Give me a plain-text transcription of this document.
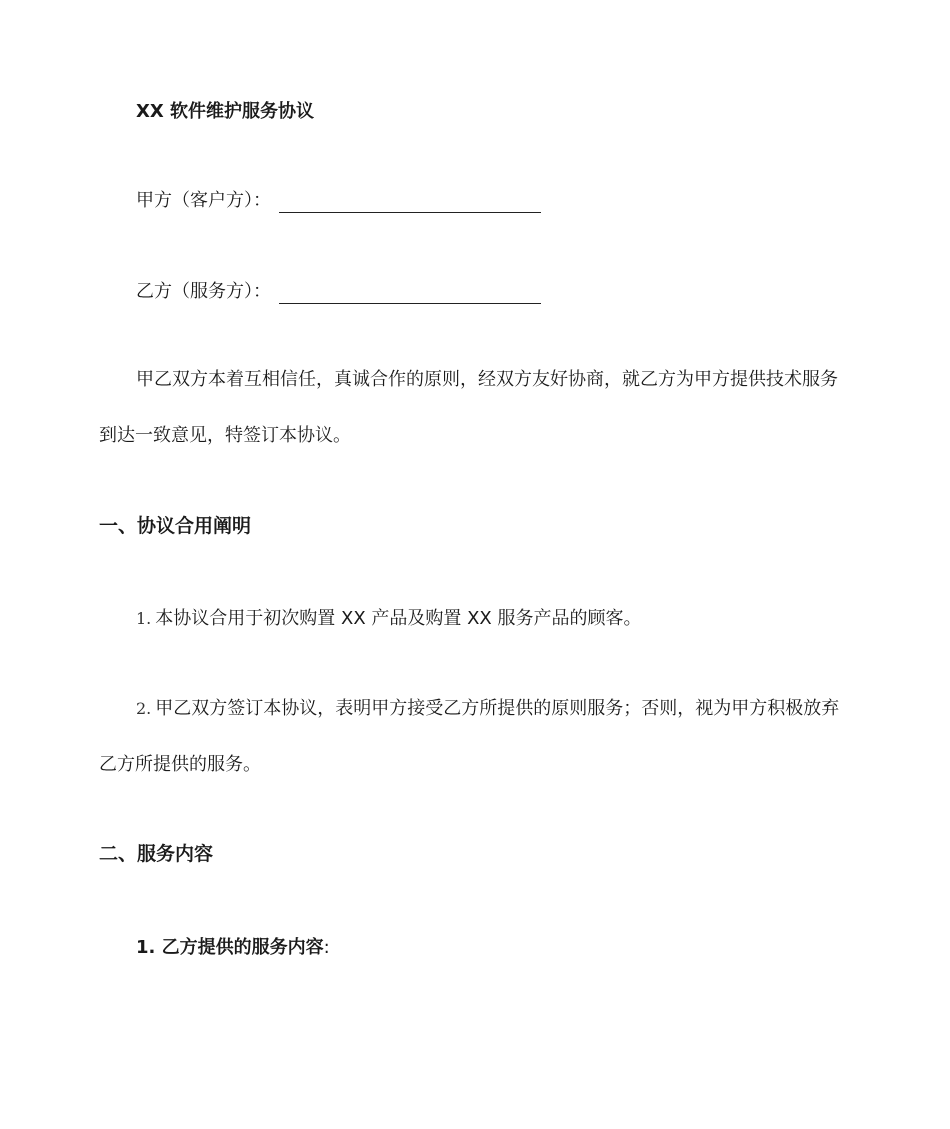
XX 软件维护服务协议
甲方（客户方）：
乙方（服务方）：
甲乙双方本着互相信任，真诚合作的原则，经双方友好协商，就乙方为甲方提供技术服务
到达一致意见，特签订本协议。
一、协议合用阐明
1. 本协议合用于初次购置 XX 产品及购置 XX 服务产品的顾客。
2. 甲乙双方签订本协议，表明甲方接受乙方所提供的原则服务；否则，视为甲方积极放弃
乙方所提供的服务。
二、服务内容
1. 乙方提供的服务内容:
